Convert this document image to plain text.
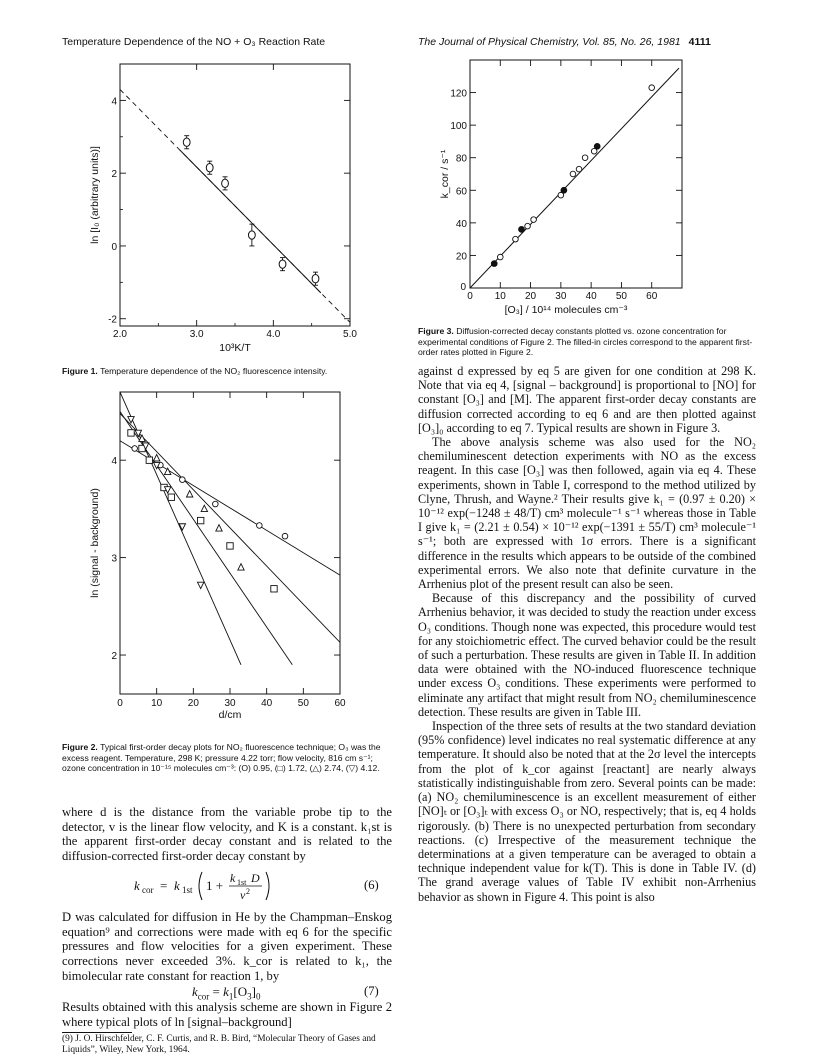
Temperature Dependence of the NO + O₃ Reaction Rate	The Journal of Physical Chemistry, Vol. 85, No. 26, 1981 4111
2.0	3.0	4.0	5.0
-2
0
2
4
10³K/T
ln [I₀ (arbitrary units)]
Figure 1. Temperature dependence of the NO₂ fluorescence intensity.
0	10	20	30	40	50	60
2
3
4
d/cm
ln (signal - background)
Figure 2. Typical first-order decay plots for NO₂ fluorescence technique; O₃ was the excess reagent. Temperature, 298 K; pressure 4.22 torr; flow velocity, 816 cm s⁻¹; ozone concentration in 10⁻¹⁵ molecules cm⁻³: (O) 0.95, (□) 1.72, (△) 2.74, (▽) 4.12.
0 10 20 30 40 50 60
0
20
40
60
80
100
120
[O₃] / 10¹⁴ molecules cm⁻³
k_cor / s⁻¹
Figure 3. Diffusion-corrected decay constants plotted vs. ozone concentration for experimental conditions of Figure 2. The filled-in circles correspond to the apparent first-order rates plotted in Figure 2.

where d is the distance from the variable probe tip to the detector, v is the linear flow velocity, and K is a constant. k₁st is the apparent first-order decay constant and is related to the diffusion-corrected first-order decay constant by

k cor = k 1st 1 + k 1st D
v 2	(6)

D was calculated for diffusion in He by the Champman–Enskog equation⁹ and corrections were made with eq 6 for the specific pressures and flow velocities for a given experiment. These corrections never exceeded 3%. k_cor is related to k₁, the bimolecular rate constant for reaction 1, by

$k_{cor} = k_1[O_3]_0$	(7)

Results obtained with this analysis scheme are shown in Figure 2 where typical plots of ln [signal–background]

(9) J. O. Hirschfelder, C. F. Curtis, and R. B. Bird, “Molecular Theory of Gases and Liquids”, Wiley, New York, 1964.

against d expressed by eq 5 are given for one condition at 298 K. Note that via eq 4, [signal – background] is proportional to [NO] for constant [O₃] and [M]. The apparent first-order decay constants are diffusion corrected according to eq 6 and are then plotted against [O₃]₀ according to eq 7. Typical results are shown in Figure 3.

The above analysis scheme was also used for the NO₂ chemiluminescent detection experiments with NO as the excess reagent. In this case [O₃] was then followed, again via eq 4. These experiments, shown in Table I, correspond to the method utilized by Clyne, Thrush, and Wayne.² Their results give k₁ = (0.97 ± 0.20) × 10⁻¹² exp(−1248 ± 48/T) cm³ molecule⁻¹ s⁻¹ whereas those in Table I give k₁ = (2.21 ± 0.54) × 10⁻¹² exp(−1391 ± 55/T) cm³ molecule⁻¹ s⁻¹; both are expressed with 1σ errors. There is a significant difference in the results which appears to be outside of the combined experimental errors. We also note that definite curvature in the Arrhenius plot of the present result can also be seen.

Because of this discrepancy and the possibility of curved Arrhenius behavior, it was decided to study the reaction under excess O₃ conditions. Though none was expected, this procedure would test for any stoichiometric effect. The curved behavior could be the result of such a perturbation. These results are given in Table II. In addition data were obtained with the NO-induced fluorescence technique under excess O₃ conditions. These experiments were performed to eliminate any artifact that might result from NO₂ chemiluminescence detection. These results are given in Table III.

Inspection of the three sets of results at the two standard deviation (95% confidence) level indicates no real systematic difference at any temperature. It should also be noted that at the 2σ level the intercepts from the plot of k_cor against [reactant] are nearly always statistically indistinguishable from zero. Several points can be made: (a) NO₂ chemiluminescence is an excellent measurement of either [NO]ₜ or [O₃]ₜ with excess O₃ or NO, respectively; that is, eq 4 holds rigorously. (b) There is no unexpected perturbation from secondary reactions. (c) Irrespective of the measurement technique the determinations at a given temperature can be averaged to obtain a technique independent value for k(T). This is done in Table IV. (d) The grand average values of Table IV exhibit non-Arrhenius behavior as shown in Figure 4. This point is also
